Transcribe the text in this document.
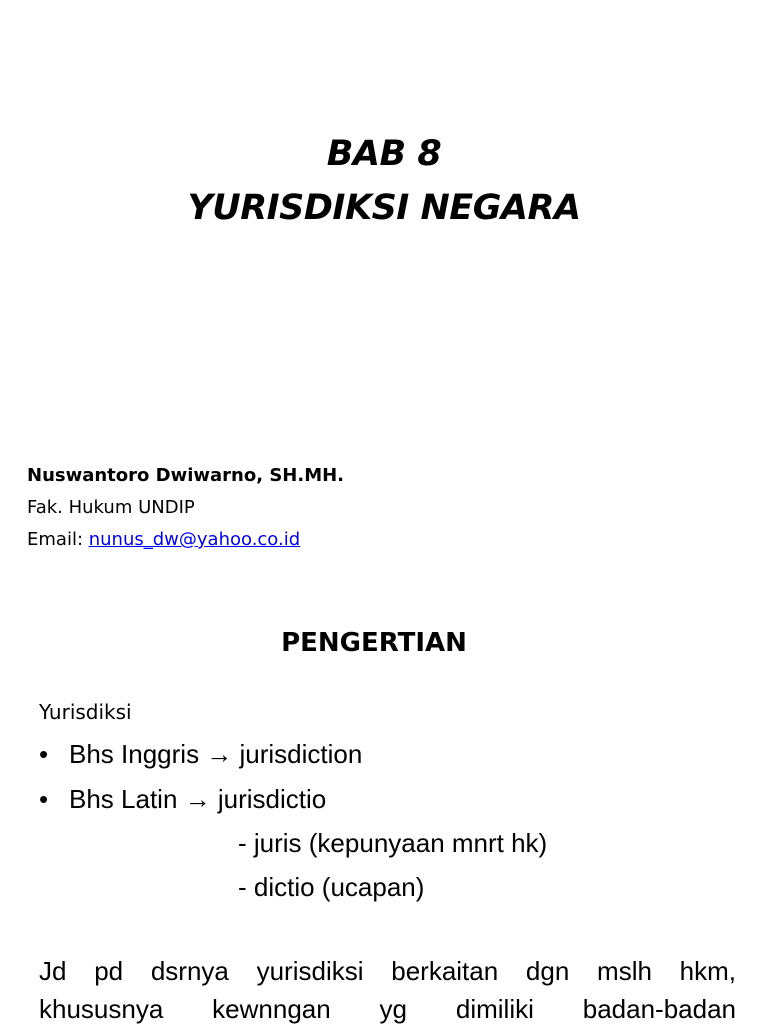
BAB 8
YURISDIKSI NEGARA
Nuswantoro Dwiwarno, SH.MH.
Fak. Hukum UNDIP
Email: nunus_dw@yahoo.co.id
PENGERTIAN
Yurisdiksi
• Bhs Inggris → jurisdiction
• Bhs Latin → jurisdictio
- juris (kepunyaan mnrt hk)
- dictio (ucapan)
Jd pd dsrnya yurisdiksi berkaitan dgn mslh hkm,
khususnya kewnngan yg dimiliki badan-badan
